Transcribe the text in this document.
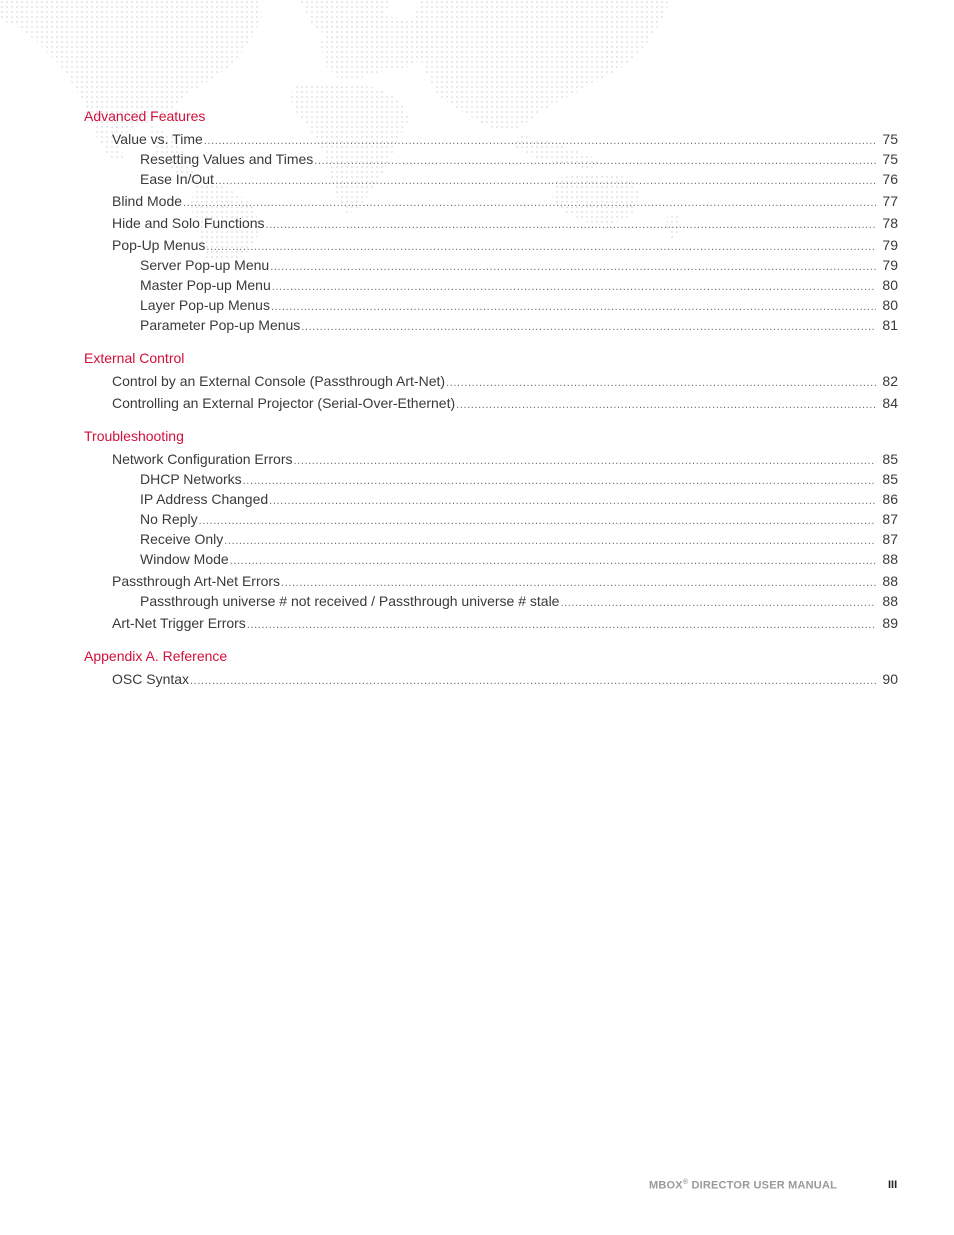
Advanced Features
Value vs. Time .....	75
Resetting Values and Times .....	75
Ease In/Out .....	76
Blind Mode .....	77
Hide and Solo Functions .....	78
Pop-Up Menus .....	79
Server Pop-up Menu .....	79
Master Pop-up Menu .....	80
Layer Pop-up Menus .....	80
Parameter Pop-up Menus .....	81
External Control
Control by an External Console (Passthrough Art-Net) .....	82
Controlling an External Projector (Serial-Over-Ethernet) .....	84
Troubleshooting
Network Configuration Errors .....	85
DHCP Networks .....	85
IP Address Changed .....	86
No Reply .....	87
Receive Only .....	87
Window Mode .....	88
Passthrough Art-Net Errors .....	88
Passthrough universe # not received / Passthrough universe # stale .....	88
Art-Net Trigger Errors .....	89
Appendix A. Reference
OSC Syntax .....	90
MBOX® DIRECTOR USER MANUAL	III
